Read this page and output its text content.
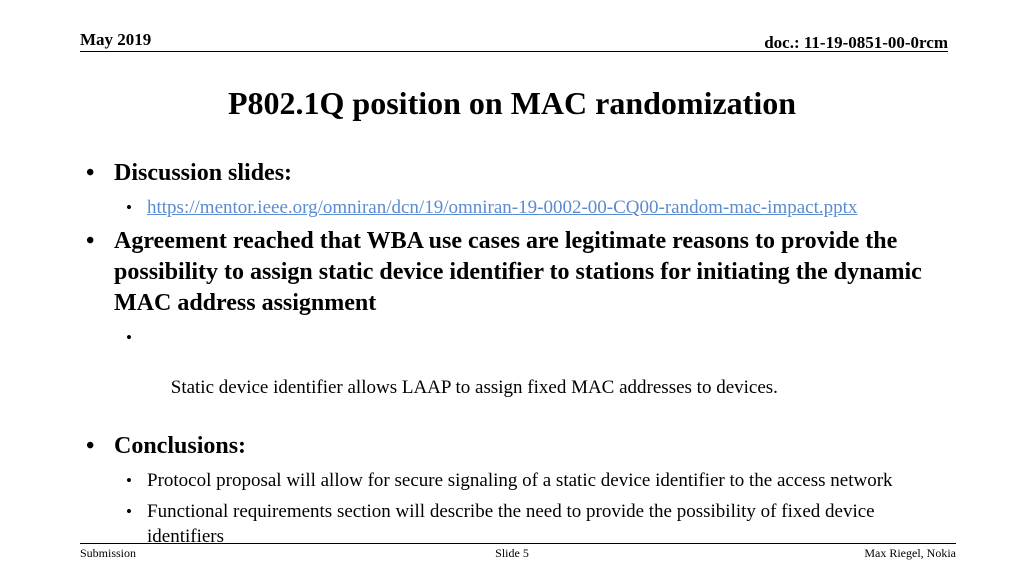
May 2019	doc.: 11-19-0851-00-0rcm
P802.1Q position on MAC randomization
• Discussion slides:
• https://mentor.ieee.org/omniran/dcn/19/omniran-19-0002-00-CQ00-random-mac-impact.pptx
• Agreement reached that WBA use cases are legitimate reasons to provide the possibility to assign static device identifier to stations for initiating the dynamic MAC address assignment

•

Static device identifier allows LAAP to assign fixed MAC addresses to devices.

• Conclusions:
• Protocol proposal will allow for secure signaling of a static device identifier to the access network
• Functional requirements section will describe the need to provide the possibility of fixed device identifiers
Submission	Slide 5	Max Riegel, Nokia
